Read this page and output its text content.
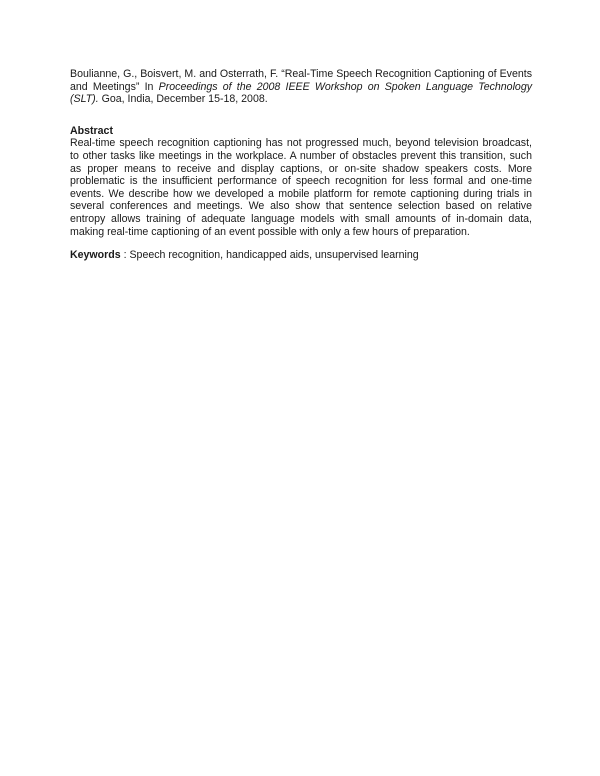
Boulianne, G., Boisvert, M. and Osterrath, F. “Real-Time Speech Recognition Captioning of Events and Meetings” In Proceedings of the 2008 IEEE Workshop on Spoken Language Technology (SLT). Goa, India, December 15-18, 2008.

Abstract

Real-time speech recognition captioning has not progressed much, beyond television broadcast, to other tasks like meetings in the workplace. A number of obstacles prevent this transition, such as proper means to receive and display captions, or on-site shadow speakers costs. More problematic is the insufficient performance of speech recognition for less formal and one-time events. We describe how we developed a mobile platform for remote captioning during trials in several conferences and meetings. We also show that sentence selection based on relative entropy allows training of adequate language models with small amounts of in-domain data, making real-time captioning of an event possible with only a few hours of preparation.

Keywords : Speech recognition, handicapped aids, unsupervised learning
